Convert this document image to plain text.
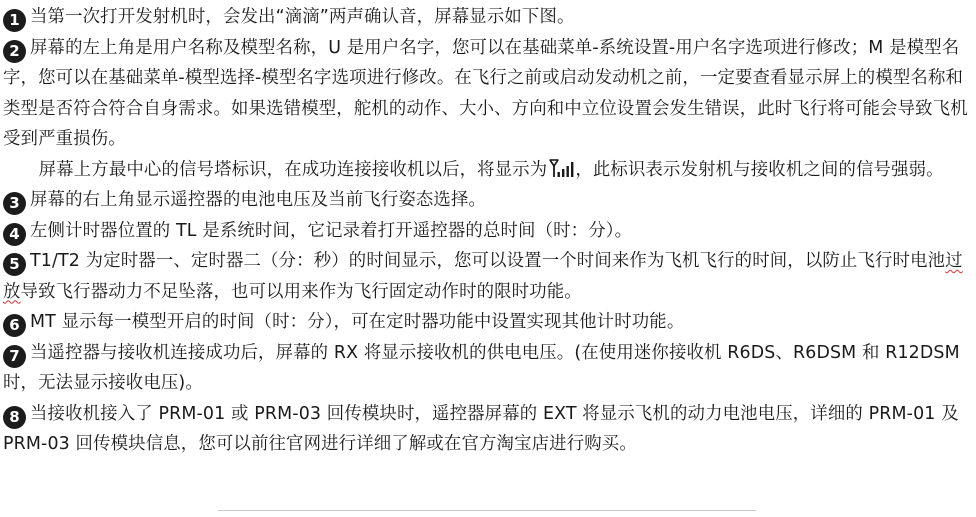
1 当第一次打开发射机时，会发出“滴滴”两声确认音，屏幕显示如下图。

2 屏幕的左上角是用户名称及模型名称，U 是用户名字，您可以在基础菜单-系统设置-用户名字选项进行修改；M 是模型名字，您可以在基础菜单-模型选择-模型名字选项进行修改。在飞行之前或启动发动机之前，一定要查看显示屏上的模型名称和类型是否符合符合自身需求。如果选错模型，舵机的动作、大小、方向和中立位设置会发生错误，此时飞行将可能会导致飞机受到严重损伤。

屏幕上方最中心的信号塔标识，在成功连接接收机以后，将显示为 ，此标识表示发射机与接收机之间的信号强弱。

3 屏幕的右上角显示遥控器的电池电压及当前飞行姿态选择。

4 左侧计时器位置的 TL 是系统时间，它记录着打开遥控器的总时间（时：分）。

5 T1/T2 为定时器一、定时器二（分：秒）的时间显示，您可以设置一个时间来作为飞机飞行的时间，以防止飞行时电池过放导致飞行器动力不足坠落，也可以用来作为飞行固定动作时的限时功能。

6 MT 显示每一模型开启的时间（时：分），可在定时器功能中设置实现其他计时功能。

7 当遥控器与接收机连接成功后，屏幕的 RX 将显示接收机的供电电压。(在使用迷你接收机 R6DS、R6DSM 和 R12DSM 时，无法显示接收电压)。

8 当接收机接入了 PRM-01 或 PRM-03 回传模块时，遥控器屏幕的 EXT 将显示飞机的动力电池电压，详细的 PRM-01 及 PRM-03 回传模块信息，您可以前往官网进行详细了解或在官方淘宝店进行购买。
